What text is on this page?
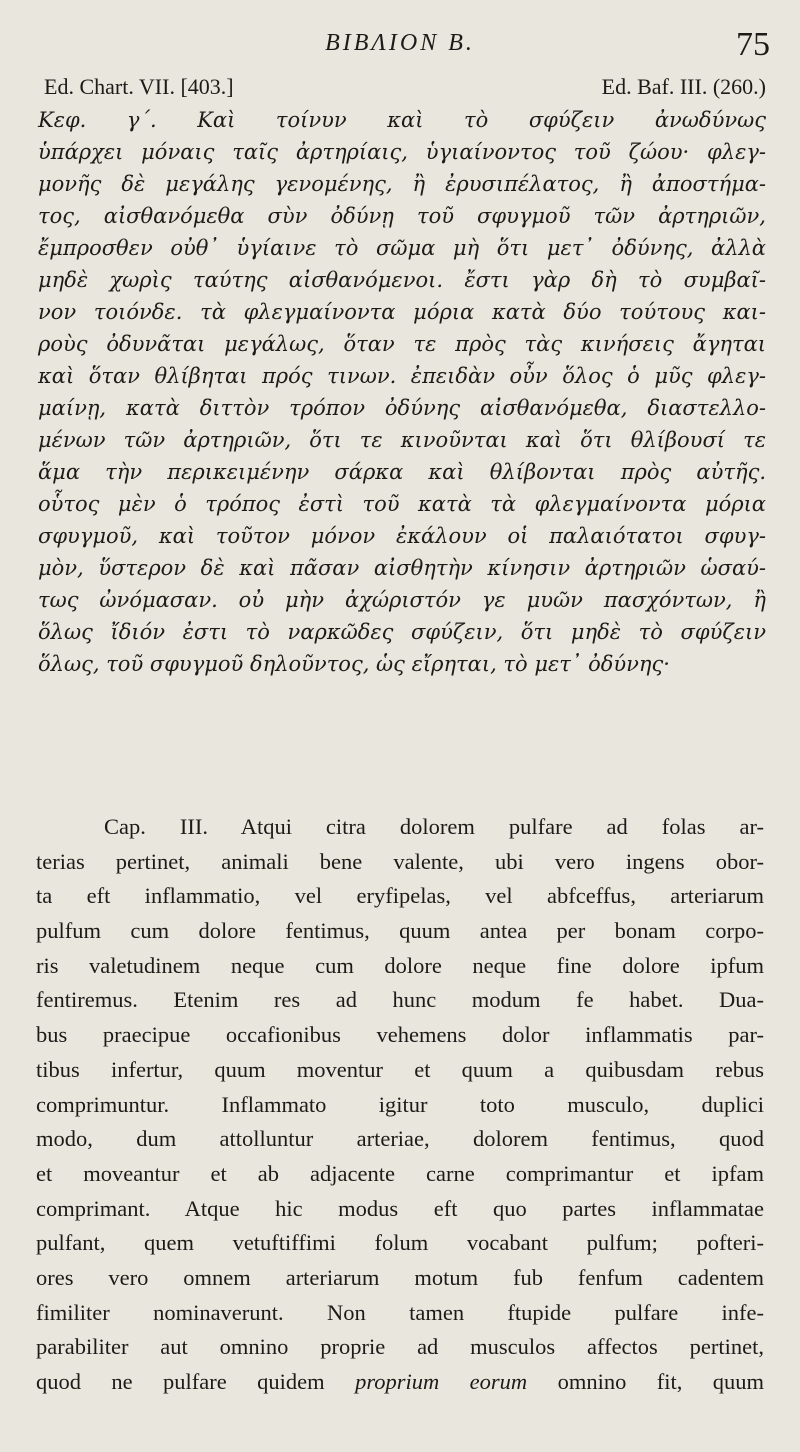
ΒΙΒΛΙΟΝ Β.	75
Ed. Chart. VII. [403.]	Ed. Baf. III. (260.)
Κεφ. γ΄. Καὶ τοίνυν καὶ τὸ σφύζειν ἀνωδύνως
ὑπάρχει μόναις ταῖς ἀρτηρίαις, ὑγιαίνοντος τοῦ ζώου· φλεγ-
μονῆς δὲ μεγάλης γενομένης, ἢ ἐρυσιπέλατος, ἢ ἀποστήμα-
τος, αἰσθανόμεθα σὺν ὀδύνῃ τοῦ σφυγμοῦ τῶν ἀρτηριῶν,
ἔμπροσθεν οὐθ᾿ ὑγίαινε τὸ σῶμα μὴ ὅτι μετ᾿ ὀδύνης, ἀλλὰ
μηδὲ χωρὶς ταύτης αἰσθανόμενοι. ἔστι γὰρ δὴ τὸ συμβαῖ-
νον τοιόνδε. τὰ φλεγμαίνοντα μόρια κατὰ δύο τούτους και-
ροὺς ὀδυνᾶται μεγάλως, ὅταν τε πρὸς τὰς κινήσεις ἄγηται
καὶ ὅταν θλίβηται πρός τινων. ἐπειδὰν οὖν ὅλος ὁ μῦς φλεγ-
μαίνῃ, κατὰ διττὸν τρόπον ὀδύνης αἰσθανόμεθα, διαστελλο-
μένων τῶν ἀρτηριῶν, ὅτι τε κινοῦνται καὶ ὅτι θλίβουσί τε
ἅμα τὴν περικειμένην σάρκα καὶ θλίβονται πρὸς αὐτῆς.
οὗτος μὲν ὁ τρόπος ἐστὶ τοῦ κατὰ τὰ φλεγμαίνοντα μόρια
σφυγμοῦ, καὶ τοῦτον μόνον ἐκάλουν οἱ παλαιότατοι σφυγ-
μὸν, ὕστερον δὲ καὶ πᾶσαν αἰσθητὴν κίνησιν ἀρτηριῶν ὡσαύ-
τως ὠνόμασαν. οὐ μὴν ἀχώριστόν γε μυῶν πασχόντων, ἢ
ὅλως ἴδιόν ἐστι τὸ ναρκῶδες σφύζειν, ὅτι μηδὲ τὸ σφύζειν
ὅλως, τοῦ σφυγμοῦ δηλοῦντος, ὡς εἴρηται, τὸ μετ᾿ ὀδύνης·
Cap. III. Atqui citra dolorem pulfare ad folas ar-
terias pertinet, animali bene valente, ubi vero ingens obor-
ta eft inflammatio, vel eryfipelas, vel abfceffus, arteriarum
pulfum cum dolore fentimus, quum antea per bonam corpo-
ris valetudinem neque cum dolore neque fine dolore ipfum
fentiremus. Etenim res ad hunc modum fe habet. Dua-
bus praecipue occafionibus vehemens dolor inflammatis par-
tibus infertur, quum moventur et quum a quibusdam rebus
comprimuntur. Inflammato igitur toto musculo, duplici
modo, dum attolluntur arteriae, dolorem fentimus, quod
et moveantur et ab adjacente carne comprimantur et ipfam
comprimant. Atque hic modus eft quo partes inflammatae
pulfant, quem vetuftiffimi folum vocabant pulfum; pofteri-
ores vero omnem arteriarum motum fub fenfum cadentem
fimiliter nominaverunt. Non tamen ftupide pulfare infe-
parabiliter aut omnino proprie ad musculos affectos pertinet,
quod ne pulfare quidem proprium eorum omnino fit, quum
